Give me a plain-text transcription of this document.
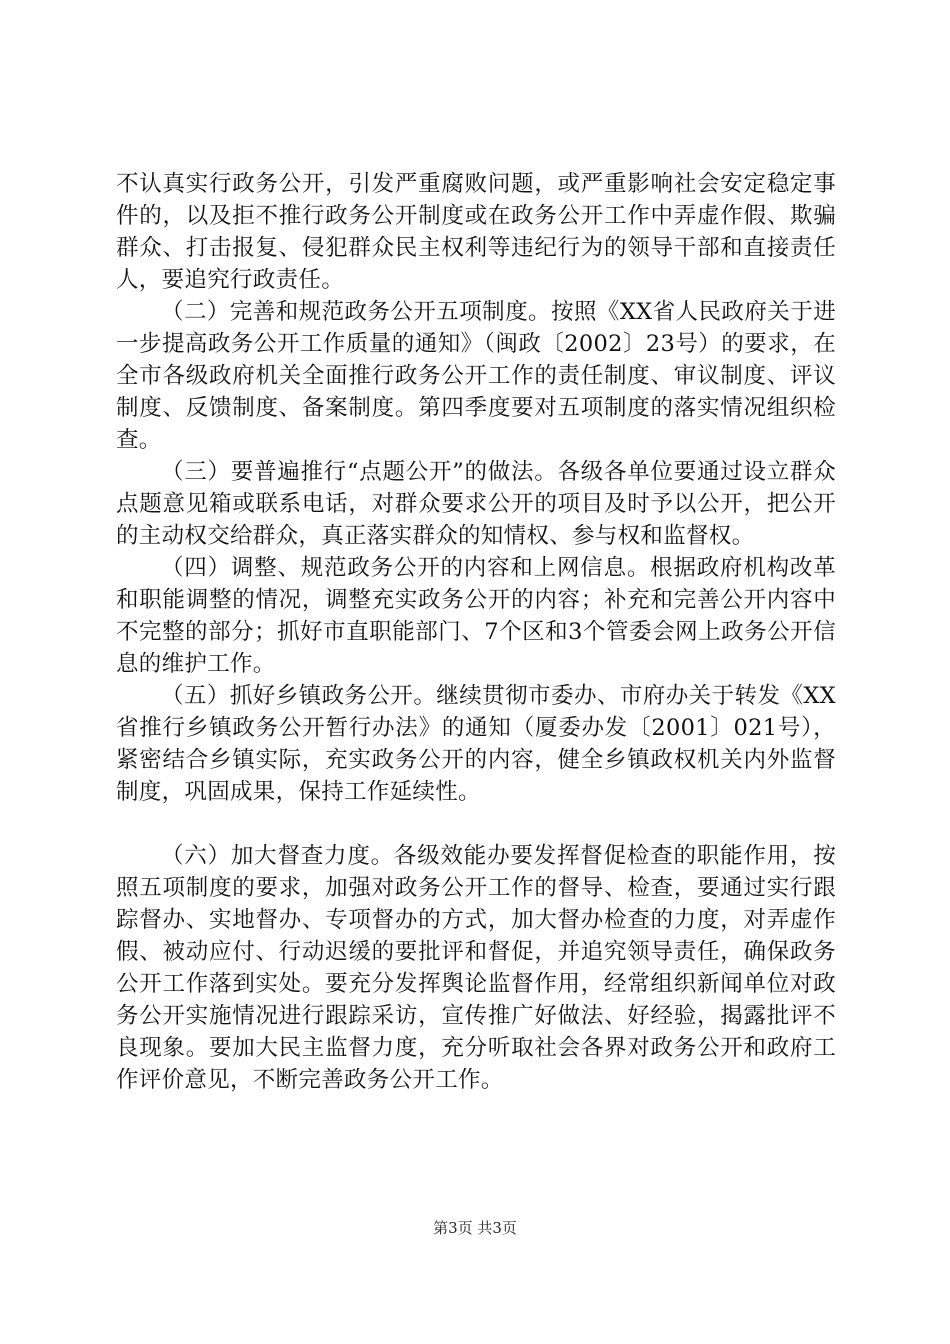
不认真实行政务公开，引发严重腐败问题，或严重影响社会安定稳定事件的，以及拒不推行政务公开制度或在政务公开工作中弄虚作假、欺骗群众、打击报复、侵犯群众民主权利等违纪行为的领导干部和直接责任人，要追究行政责任。

（二）完善和规范政务公开五项制度。按照《XX省人民政府关于进一步提高政务公开工作质量的通知》（闽政〔2002〕23号）的要求，在全市各级政府机关全面推行政务公开工作的责任制度、审议制度、评议制度、反馈制度、备案制度。第四季度要对五项制度的落实情况组织检查。

（三）要普遍推行“点题公开”的做法。各级各单位要通过设立群众点题意见箱或联系电话，对群众要求公开的项目及时予以公开，把公开的主动权交给群众，真正落实群众的知情权、参与权和监督权。

（四）调整、规范政务公开的内容和上网信息。根据政府机构改革和职能调整的情况，调整充实政务公开的内容；补充和完善公开内容中不完整的部分；抓好市直职能部门、7个区和3个管委会网上政务公开信息的维护工作。

（五）抓好乡镇政务公开。继续贯彻市委办、市府办关于转发《XX省推行乡镇政务公开暂行办法》的通知（厦委办发〔2001〕021号），紧密结合乡镇实际，充实政务公开的内容，健全乡镇政权机关内外监督制度，巩固成果，保持工作延续性。

（六）加大督查力度。各级效能办要发挥督促检查的职能作用，按照五项制度的要求，加强对政务公开工作的督导、检查，要通过实行跟踪督办、实地督办、专项督办的方式，加大督办检查的力度，对弄虚作假、被动应付、行动迟缓的要批评和督促，并追究领导责任，确保政务公开工作落到实处。要充分发挥舆论监督作用，经常组织新闻单位对政务公开实施情况进行跟踪采访，宣传推广好做法、好经验，揭露批评不良现象。要加大民主监督力度，充分听取社会各界对政务公开和政府工作评价意见，不断完善政务公开工作。

第3页 共3页
